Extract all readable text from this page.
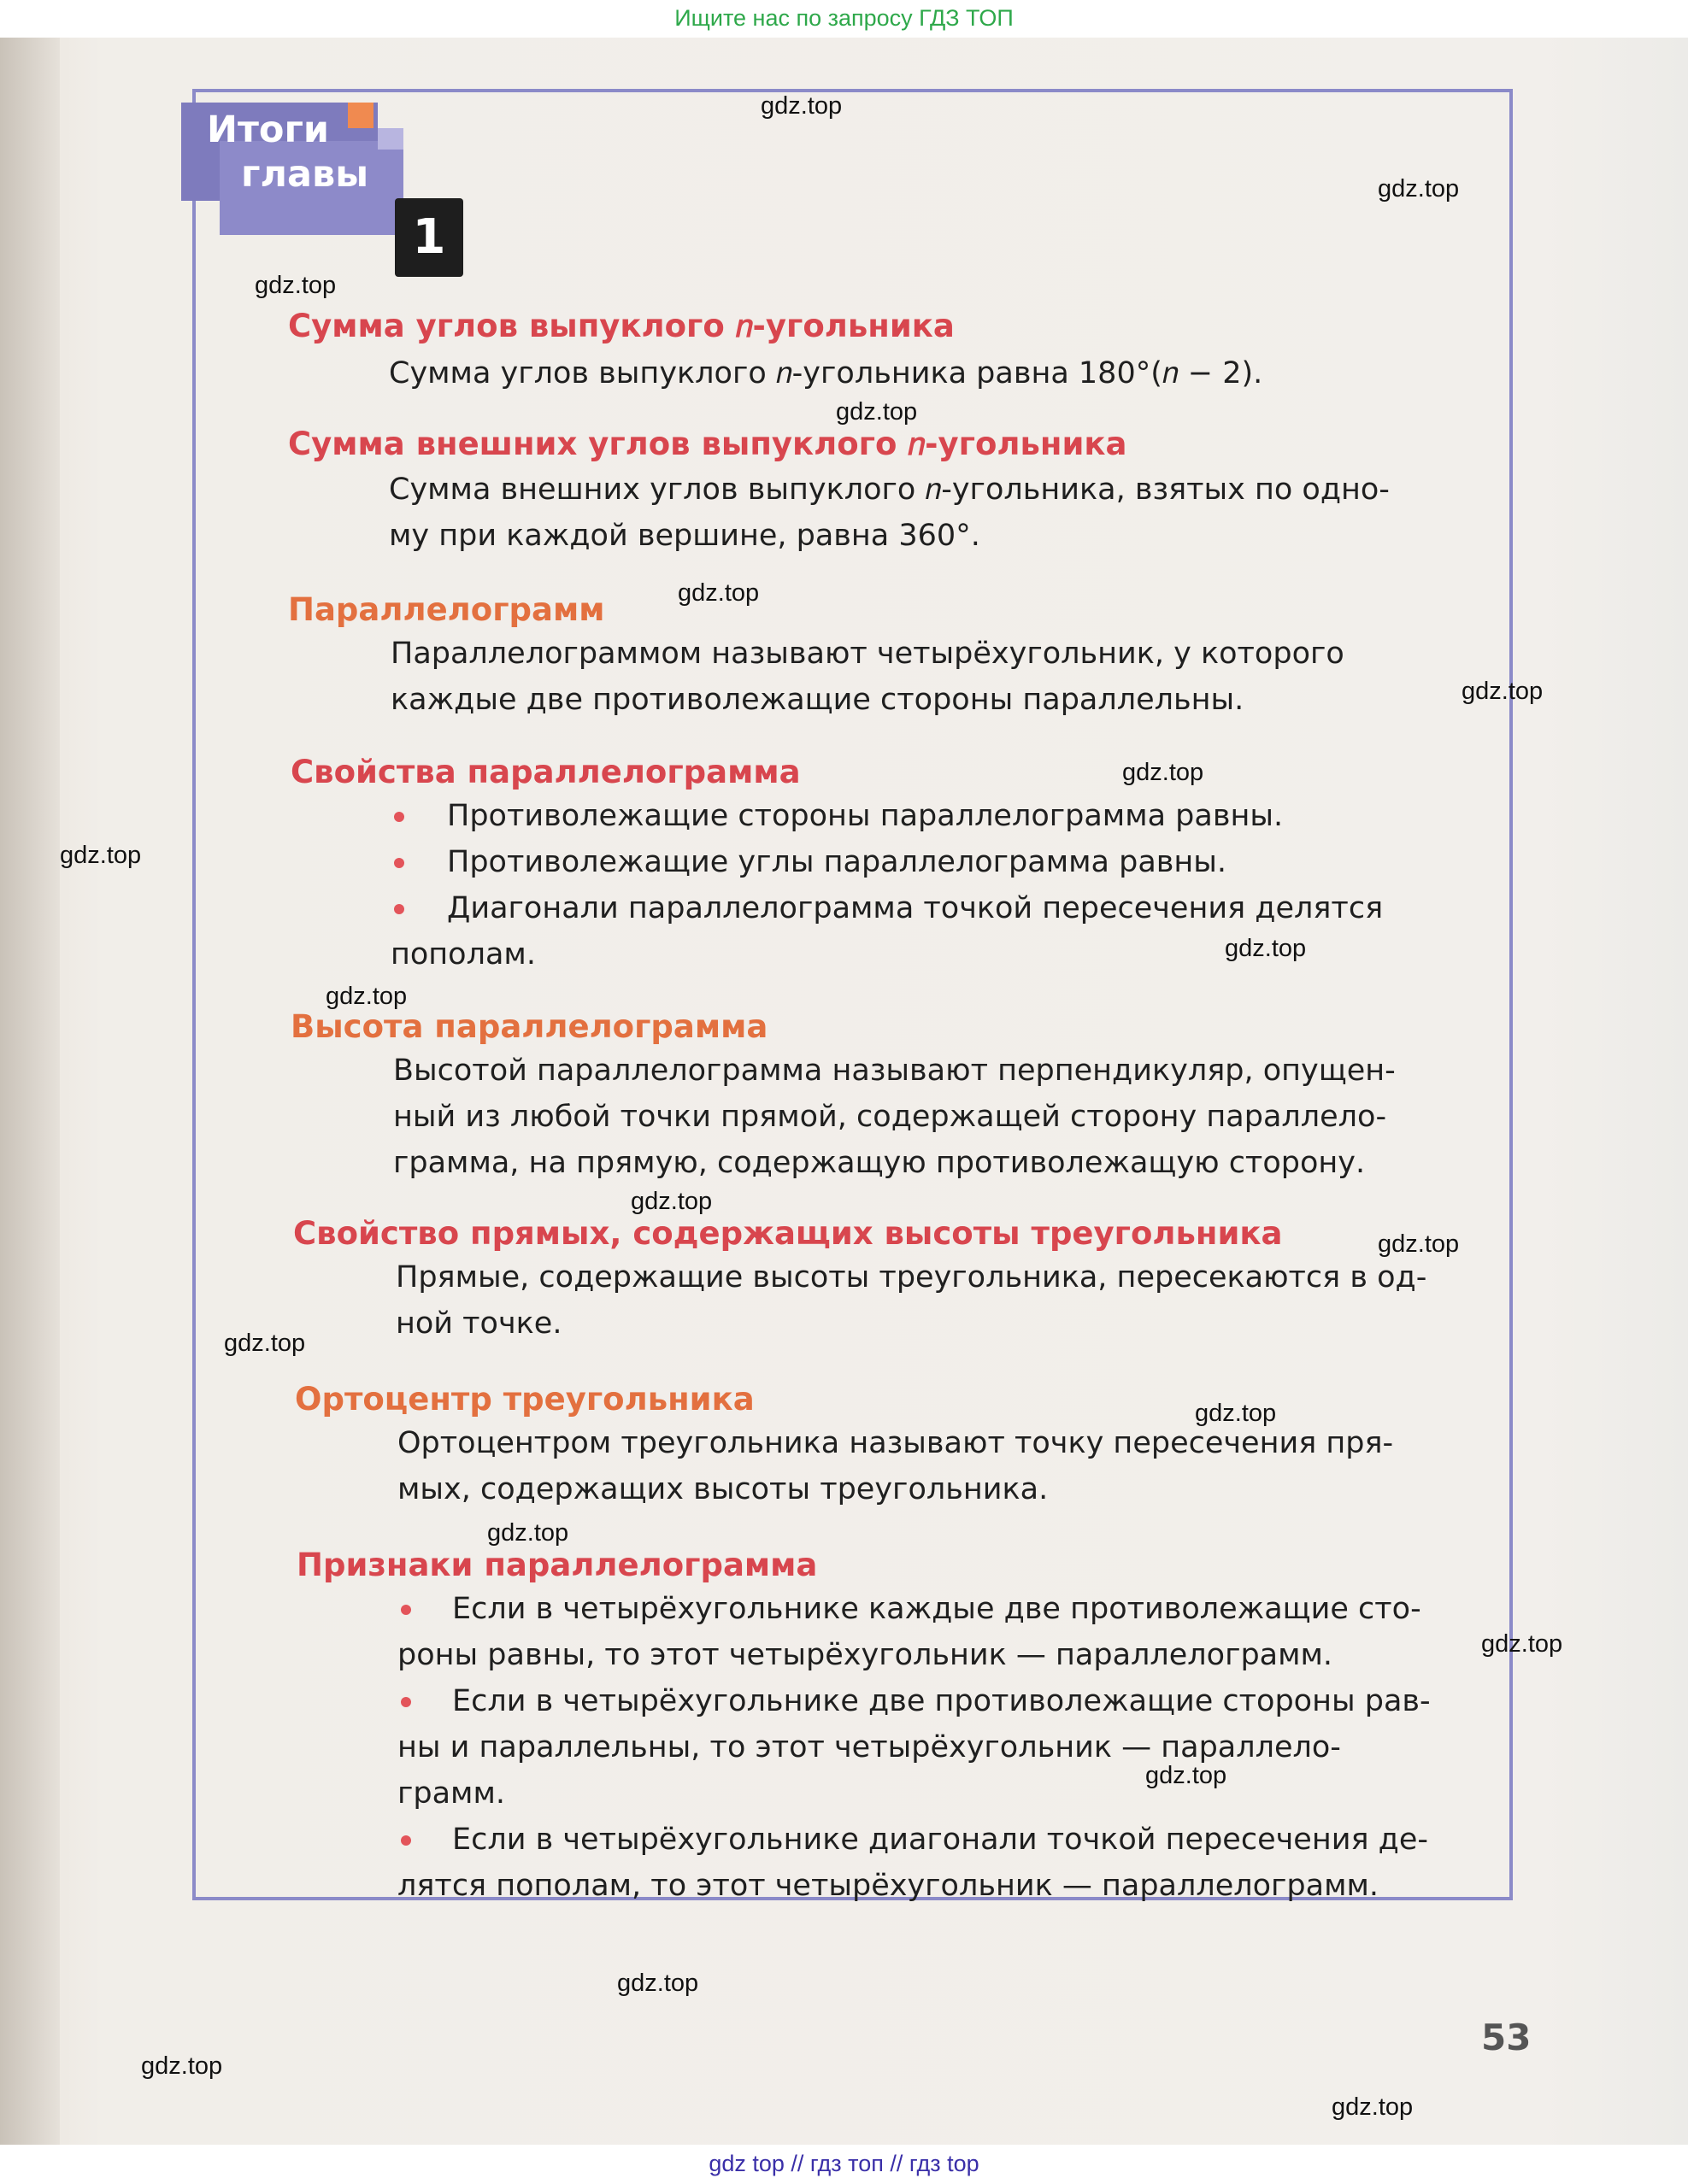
Ищите нас по запросу ГДЗ ТОП
Итоги
главы
1
Сумма углов выпуклого 𝑛-угольника
Сумма углов выпуклого 𝑛-угольника равна 180°(𝑛 − 2).
Сумма внешних углов выпуклого 𝑛-угольника
Сумма внешних углов выпуклого 𝑛-угольника, взятых по одно-
му при каждой вершине, равна 360°.
Параллелограмм
Параллелограммом называют четырёхугольник, у которого
каждые две противолежащие стороны параллельны.
Свойства параллелограмма
Противолежащие стороны параллелограмма равны.
Противолежащие углы параллелограмма равны.
Диагонали параллелограмма точкой пересечения делятся
пополам.
Высота параллелограмма
Высотой параллелограмма называют перпендикуляр, опущен-
ный из любой точки прямой, содержащей сторону параллело-
грамма, на прямую, содержащую противолежащую сторону.
Свойство прямых, содержащих высоты треугольника
Прямые, содержащие высоты треугольника, пересекаются в од-
ной точке.
Ортоцентр треугольника
Ортоцентром треугольника называют точку пересечения пря-
мых, содержащих высоты треугольника.
Признаки параллелограмма
Если в четырёхугольнике каждые две противолежащие сто-
роны равны, то этот четырёхугольник — параллелограмм.
Если в четырёхугольнике две противолежащие стороны рав-
ны и параллельны, то этот четырёхугольник — параллело-
грамм.
Если в четырёхугольнике диагонали точкой пересечения де-
лятся пополам, то этот четырёхугольник — параллелограмм.
53
gdz.top
gdz.top
gdz.top
gdz.top
gdz.top
gdz.top
gdz.top
gdz.top
gdz.top
gdz.top
gdz.top
gdz.top
gdz.top
gdz.top
gdz.top
gdz.top
gdz.top
gdz.top
gdz.top
gdz.top
gdz top // гдз топ // гдз top
